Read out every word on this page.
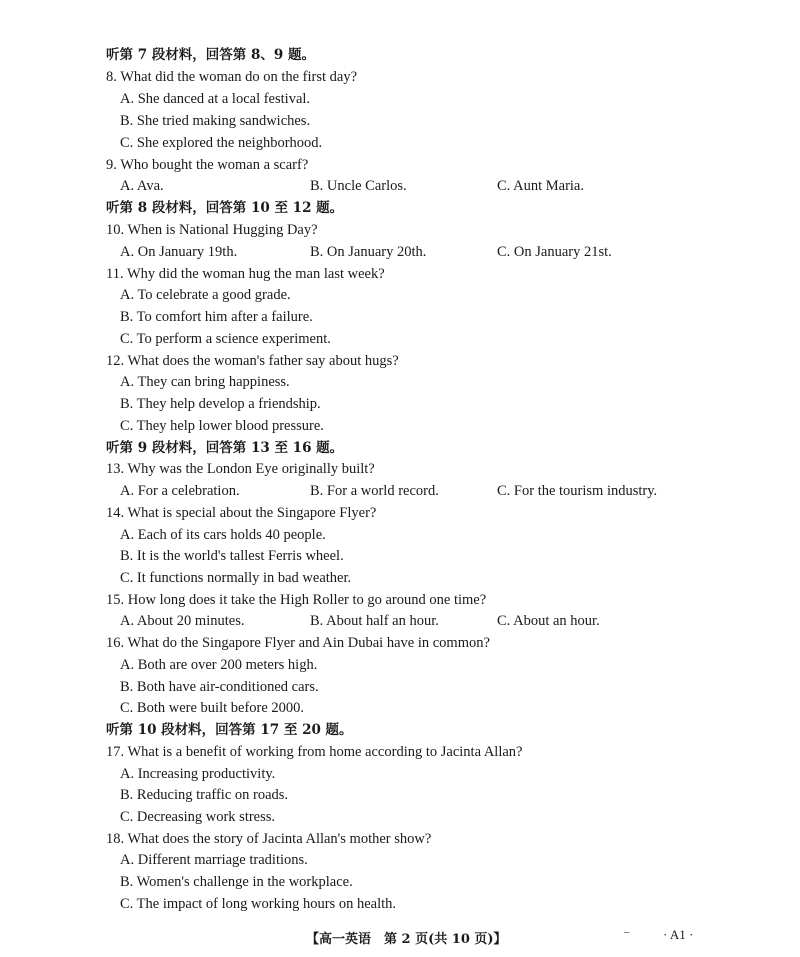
听第 7 段材料，回答第 8、9 题。
8. What did the woman do on the first day?
A. She danced at a local festival.
B. She tried making sandwiches.
C. She explored the neighborhood.
9. Who bought the woman a scarf?
A. Ava.	B. Uncle Carlos.	C. Aunt Maria.
听第 8 段材料，回答第 10 至 12 题。
10. When is National Hugging Day?
A. On January 19th.	B. On January 20th.	C. On January 21st.
11. Why did the woman hug the man last week?
A. To celebrate a good grade.
B. To comfort him after a failure.
C. To perform a science experiment.
12. What does the woman's father say about hugs?
A. They can bring happiness.
B. They help develop a friendship.
C. They help lower blood pressure.
听第 9 段材料，回答第 13 至 16 题。
13. Why was the London Eye originally built?
A. For a celebration.	B. For a world record.	C. For the tourism industry.
14. What is special about the Singapore Flyer?
A. Each of its cars holds 40 people.
B. It is the world's tallest Ferris wheel.
C. It functions normally in bad weather.
15. How long does it take the High Roller to go around one time?
A. About 20 minutes.	B. About half an hour.	C. About an hour.
16. What do the Singapore Flyer and Ain Dubai have in common?
A. Both are over 200 meters high.
B. Both have air-conditioned cars.
C. Both were built before 2000.
听第 10 段材料，回答第 17 至 20 题。
17. What is a benefit of working from home according to Jacinta Allan?
A. Increasing productivity.
B. Reducing traffic on roads.
C. Decreasing work stress.
18. What does the story of Jacinta Allan's mother show?
A. Different marriage traditions.
B. Women's challenge in the workplace.
C. The impact of long working hours on health.
【高一英语　第 2 页(共 10 页)】	–	· A1 ·
